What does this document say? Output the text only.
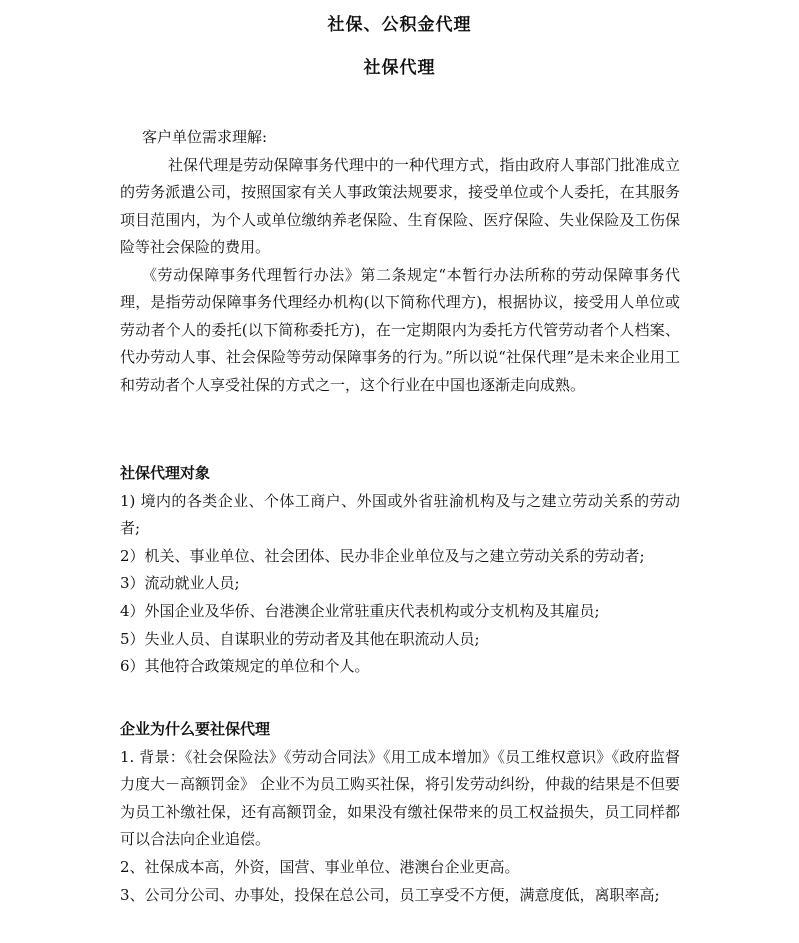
社保、公积金代理
社保代理
客户单位需求理解:
社保代理是劳动保障事务代理中的一种代理方式，指由政府人事部门批准成立的劳务派遣公司，按照国家有关人事政策法规要求，接受单位或个人委托，在其服务项目范围内，为个人或单位缴纳养老保险、生育保险、医疗保险、失业保险及工伤保险等社会保险的费用。
《劳动保障事务代理暂行办法》第二条规定“本暂行办法所称的劳动保障事务代理，是指劳动保障事务代理经办机构(以下简称代理方)，根据协议，接受用人单位或劳动者个人的委托(以下简称委托方)，在一定期限内为委托方代管劳动者个人档案、代办劳动人事、社会保险等劳动保障事务的行为。”所以说“社保代理”是未来企业用工和劳动者个人享受社保的方式之一，这个行业在中国也逐渐走向成熟。
社保代理对象
1) 境内的各类企业、个体工商户、外国或外省驻渝机构及与之建立劳动关系的劳动者;
2）机关、事业单位、社会团体、民办非企业单位及与之建立劳动关系的劳动者;
3）流动就业人员;
4）外国企业及华侨、台港澳企业常驻重庆代表机构或分支机构及其雇员;
5）失业人员、自谋职业的劳动者及其他在职流动人员;
6）其他符合政策规定的单位和个人。
企业为什么要社保代理
1. 背景：《社会保险法》《劳动合同法》《用工成本增加》《员工维权意识》《政府监督力度大－高额罚金》 企业不为员工购买社保，将引发劳动纠纷，仲裁的结果是不但要为员工补缴社保，还有高额罚金，如果没有缴社保带来的员工权益损失，员工同样都可以合法向企业追偿。
2、社保成本高，外资，国营、事业单位、港澳台企业更高。
3、公司分公司、办事处，投保在总公司，员工享受不方便，满意度低，离职率高;
